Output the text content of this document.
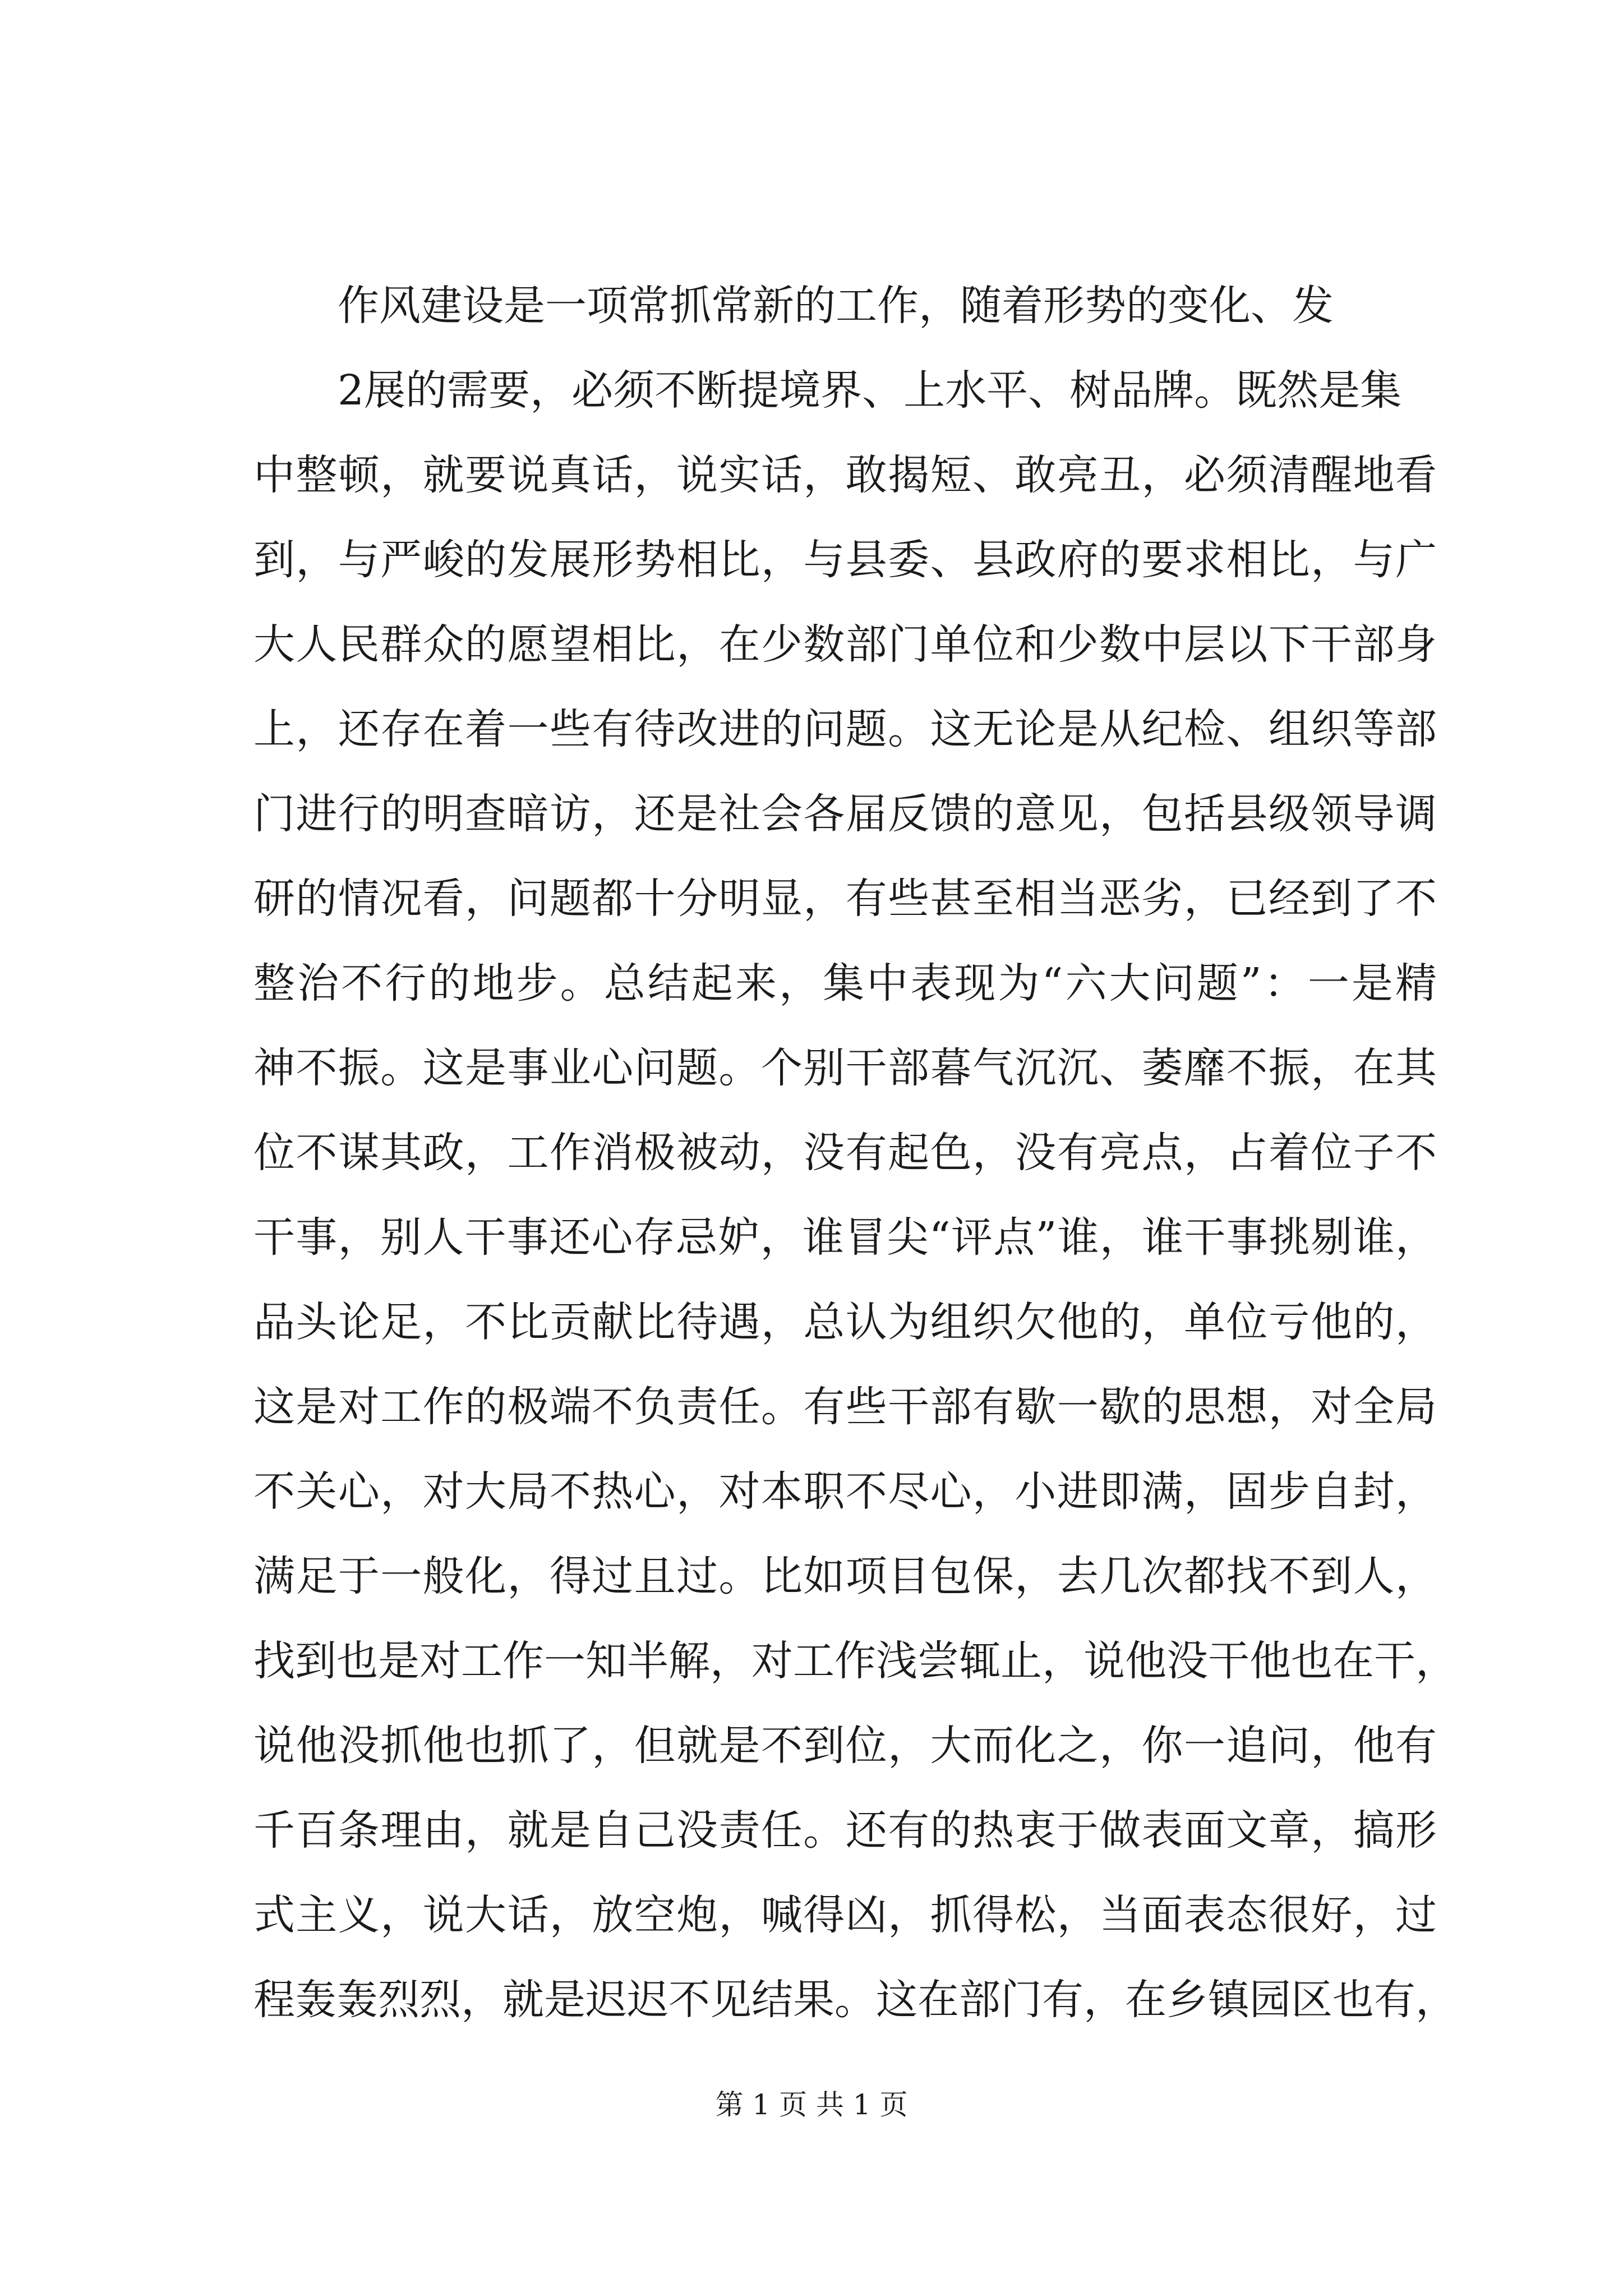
作风建设是一项常抓常新的工作，随着形势的变化、发
2展的需要，必须不断提境界、上水平、树品牌。既然是集
中整顿，就要说真话，说实话，敢揭短、敢亮丑，必须清醒地看
到，与严峻的发展形势相比，与县委、县政府的要求相比，与广
大人民群众的愿望相比，在少数部门单位和少数中层以下干部身
上，还存在着一些有待改进的问题。这无论是从纪检、组织等部
门进行的明查暗访，还是社会各届反馈的意见，包括县级领导调
研的情况看，问题都十分明显，有些甚至相当恶劣，已经到了不
整治不行的地步。总结起来，集中表现为“六大问题”：一是精
神不振。这是事业心问题。个别干部暮气沉沉、萎靡不振，在其
位不谋其政，工作消极被动，没有起色，没有亮点，占着位子不
干事，别人干事还心存忌妒，谁冒尖“评点”谁，谁干事挑剔谁，
品头论足，不比贡献比待遇，总认为组织欠他的，单位亏他的，
这是对工作的极端不负责任。有些干部有歇一歇的思想，对全局
不关心，对大局不热心，对本职不尽心，小进即满，固步自封，
满足于一般化，得过且过。比如项目包保，去几次都找不到人，
找到也是对工作一知半解，对工作浅尝辄止，说他没干他也在干，
说他没抓他也抓了，但就是不到位，大而化之，你一追问，他有
千百条理由，就是自己没责任。还有的热衷于做表面文章，搞形
式主义，说大话，放空炮，喊得凶，抓得松，当面表态很好，过
程轰轰烈烈，就是迟迟不见结果。这在部门有，在乡镇园区也有，
第 1 页 共 1 页
